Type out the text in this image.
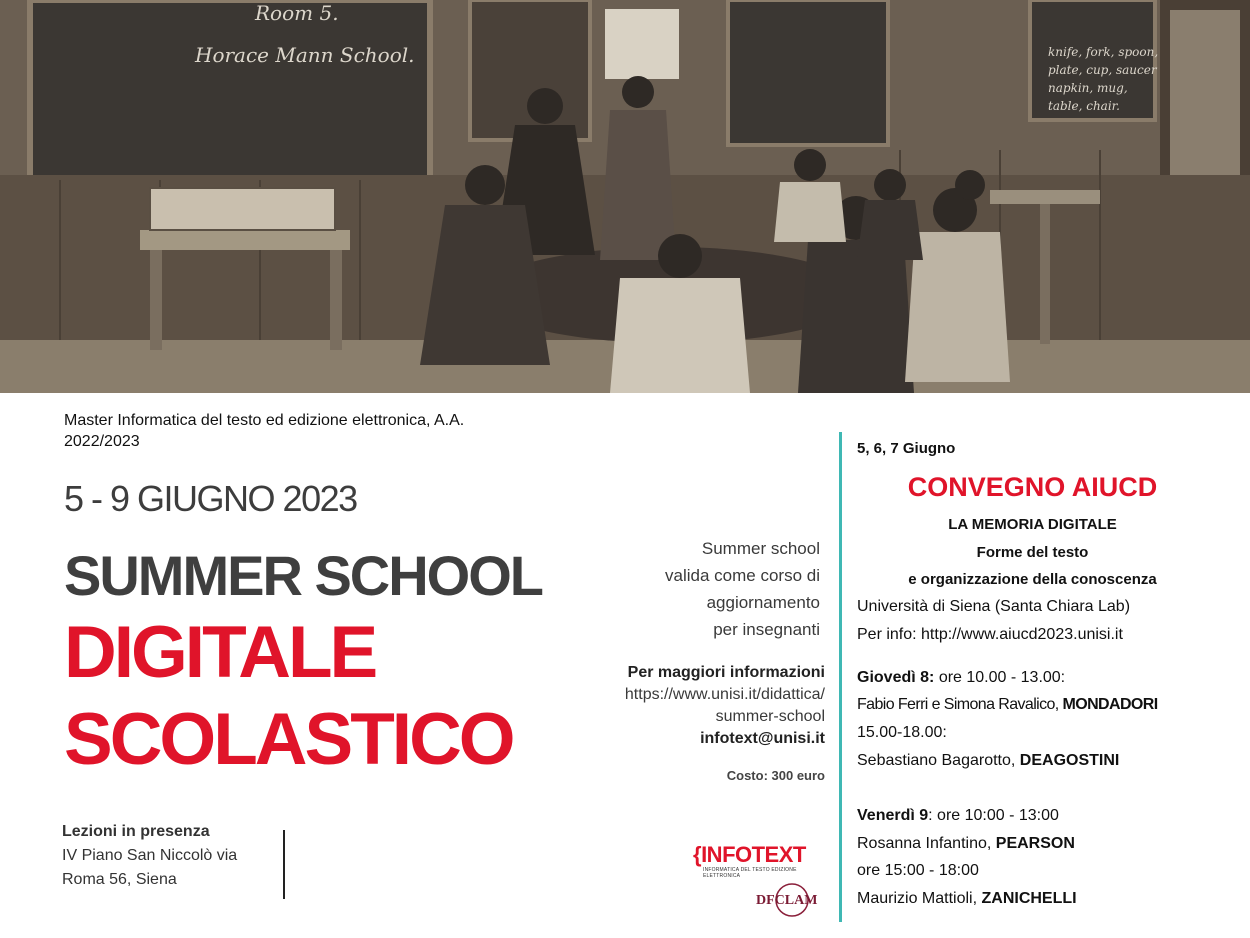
Room 5.
Horace Mann School.	knife, fork, spoon,
plate, cup, saucer
napkin, mug,
table, chair.
Master Informatica del testo ed edizione elettronica, A.A. 2022/2023
5 - 9 GIUGNO 2023
SUMMER SCHOOL
DIGITALE
SCOLASTICO
Summer school
valida come corso di
aggiornamento
per insegnanti
Per maggiori informazioni
https://www.unisi.it/didattica/
summer-school
infotext@unisi.it
Costo: 300 euro
Lezioni in presenza
IV Piano San Niccolò via
Roma 56, Siena
{INFOTEXT
INFORMATICA DEL TESTO EDIZIONE ELETTRONICA
DFCLAM
5, 6, 7 Giugno
CONVEGNO AIUCD
LA MEMORIA DIGITALE
Forme del testo
e organizzazione della conoscenza
Università di Siena (Santa Chiara Lab)
Per info: http://www.aiucd2023.unisi.it
Giovedì 8: ore 10.00 - 13.00:
Fabio Ferri e Simona Ravalico, MONDADORI
15.00-18.00:
Sebastiano Bagarotto, DEAGOSTINI
Venerdì 9: ore 10:00 - 13:00
Rosanna Infantino, PEARSON
ore 15:00 - 18:00
Maurizio Mattioli, ZANICHELLI
